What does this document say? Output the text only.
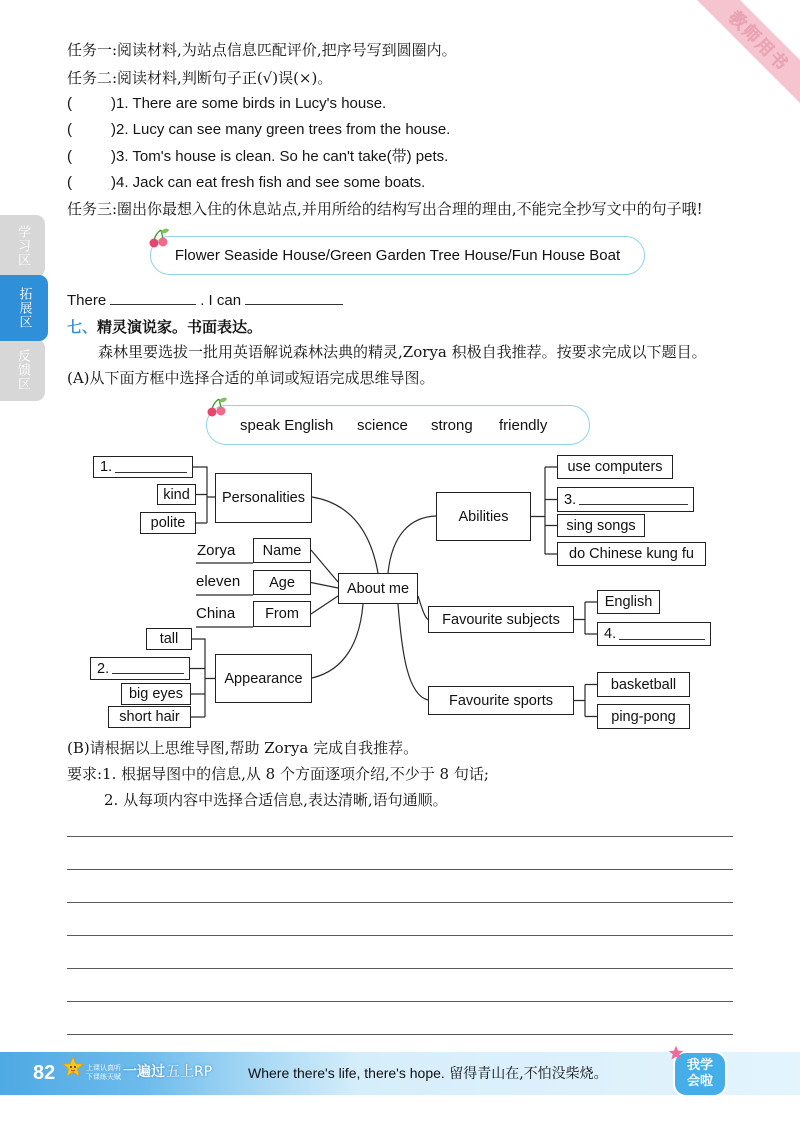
教师用书
学习区
拓展区
反馈区
任务一:阅读材料,为站点信息匹配评价,把序号写到圆圈内。
任务二:阅读材料,判断句子正(√)误(×)。
(	)1. There are some birds in Lucy's house.
(	)2. Lucy can see many green trees from the house.
(	)3. Tom's house is clean. So he can't take(带) pets.
(	)4. Jack can eat fresh fish and see some boats.
任务三:圈出你最想入住的休息站点,并用所给的结构写出合理的理由,不能完全抄写文中的句子哦!
Flower Seaside House/Green Garden Tree House/Fun House Boat
There	. I can
七、精灵演说家。书面表达。
森林里要选拔一批用英语解说森林法典的精灵,Zorya 积极自我推荐。按要求完成以下题目。
(A)从下面方框中选择合适的单词或短语完成思维导图。
speak English science strong friendly
1.
kind
polite
Personalities
Zorya	Name
eleven	Age
China	From
About me
tall
2.
big eyes
short hair
Appearance
Abilities
use computers
3.
sing songs
do Chinese kung fu
Favourite subjects
English
4.
Favourite sports
basketball
ping-pong
(B)请根据以上思维导图,帮助 Zorya 完成自我推荐。
要求:1. 根据导图中的信息,从 8 个方面逐项介绍,不少于 8 句话;
2. 从每项内容中选择合适信息,表达清晰,语句通顺。
82	上课认真听
下课练天赋 一遍过 五上RP	Where there's life, there's hope. 留得青山在,不怕没柴烧。
我学
会啦
